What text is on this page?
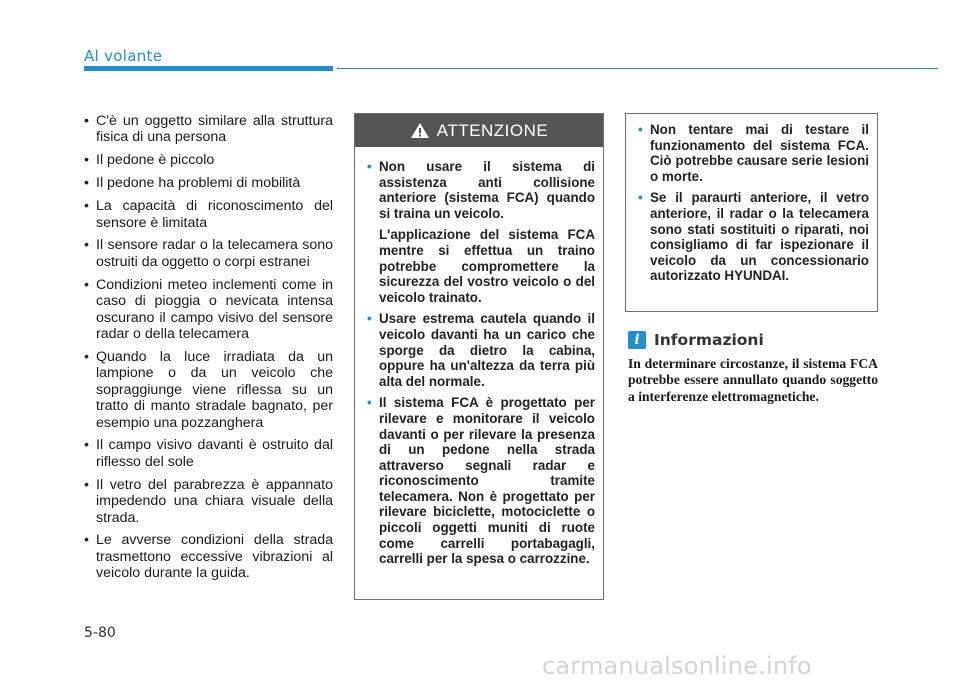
Al volante
• C'è un oggetto similare alla struttura fisica di una persona
• Il pedone è piccolo
• Il pedone ha problemi di mobilità
• La capacità di riconoscimento del sensore è limitata
• Il sensore radar o la telecamera sono ostruiti da oggetto o corpi estranei
• Condizioni meteo inclementi come in caso di pioggia o nevicata intensa oscurano il campo visivo del sensore radar o della telecamera
• Quando la luce irradiata da un lampione o da un veicolo che sopraggiunge viene riflessa su un tratto di manto stradale bagnato, per esempio una pozzanghera
• Il campo visivo davanti è ostruito dal riflesso del sole
• Il vetro del parabrezza è appannato impedendo una chiara visuale della strada.
• Le avverse condizioni della strada trasmettono eccessive vibrazioni al veicolo durante la guida.
ATTENZIONE
• Non usare il sistema di assistenza anti collisione anteriore (sistema FCA) quando si traina un veicolo.
L'applicazione del sistema FCA mentre si effettua un traino potrebbe compromettere la sicurezza del vostro veicolo o del veicolo trainato.
• Usare estrema cautela quando il veicolo davanti ha un carico che sporge da dietro la cabina, oppure ha un'altezza da terra più alta del normale.
• Il sistema FCA è progettato per rilevare e monitorare il veicolo davanti o per rilevare la presenza di un pedone nella strada attraverso segnali radar e riconoscimento tramite telecamera. Non è progettato per rilevare biciclette, motociclette o piccoli oggetti muniti di ruote come carrelli portabagagli, carrelli per la spesa o carrozzine.
• Non tentare mai di testare il funzionamento del sistema FCA. Ciò potrebbe causare serie lesioni o morte.
• Se il paraurti anteriore, il vetro anteriore, il radar o la telecamera sono stati sostituiti o riparati, noi consigliamo di far ispezionare il veicolo da un concessionario autorizzato HYUNDAI.
i Informazioni
In determinare circostanze, il sistema FCA potrebbe essere annullato quando soggetto a interferenze elettromagnetiche.
5-80
carmanualsonline.info
